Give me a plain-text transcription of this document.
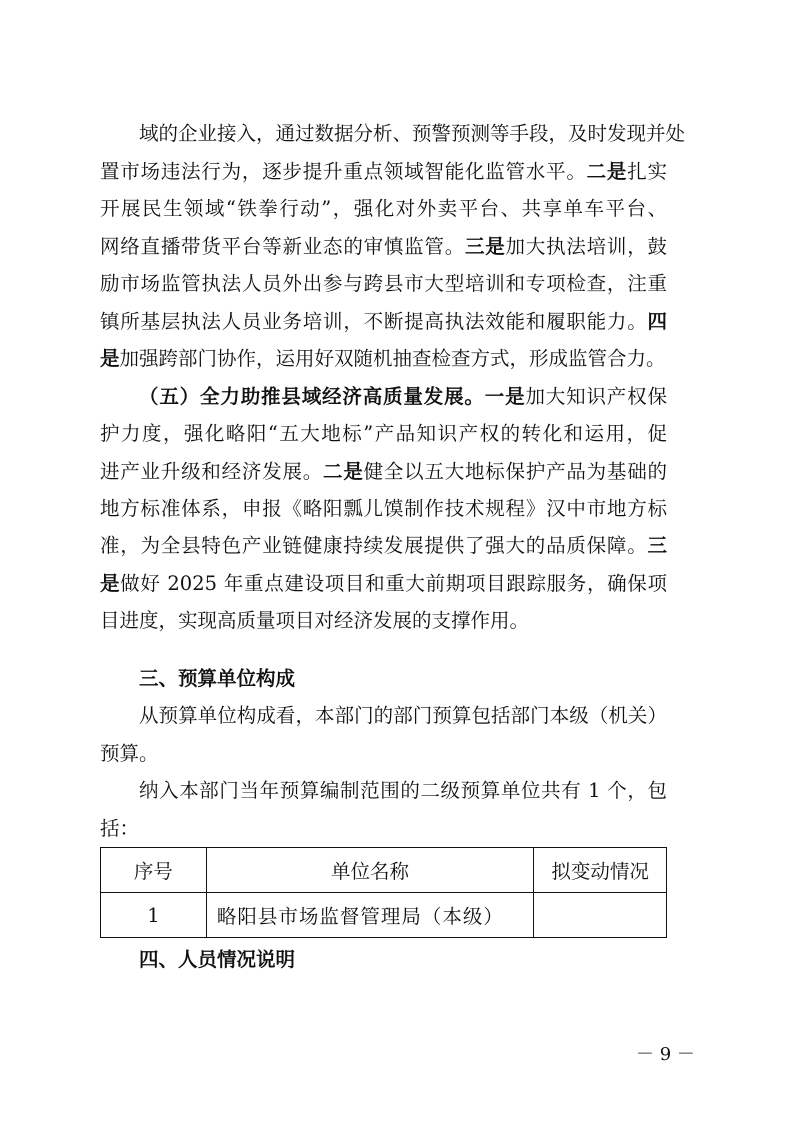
域的企业接入，通过数据分析、预警预测等手段，及时发现并处
置市场违法行为，逐步提升重点领域智能化监管水平。二是扎实
开展民生领域“铁拳行动”，强化对外卖平台、共享单车平台、
网络直播带货平台等新业态的审慎监管。三是加大执法培训，鼓
励市场监管执法人员外出参与跨县市大型培训和专项检查，注重
镇所基层执法人员业务培训，不断提高执法效能和履职能力。四
是加强跨部门协作，运用好双随机抽查检查方式，形成监管合力。
（五）全力助推县域经济高质量发展。一是加大知识产权保
护力度，强化略阳“五大地标”产品知识产权的转化和运用，促
进产业升级和经济发展。二是健全以五大地标保护产品为基础的
地方标准体系，申报《略阳瓢儿馍制作技术规程》汉中市地方标
准，为全县特色产业链健康持续发展提供了强大的品质保障。三
是做好 2025 年重点建设项目和重大前期项目跟踪服务，确保项
目进度，实现高质量项目对经济发展的支撑作用。
三、预算单位构成
从预算单位构成看，本部门的部门预算包括部门本级（机关）
预算。
纳入本部门当年预算编制范围的二级预算单位共有 1 个，包
括：
序号	单位名称	拟变动情况
1	略阳县市场监督管理局（本级）	
四、人员情况说明
－ 9 －
